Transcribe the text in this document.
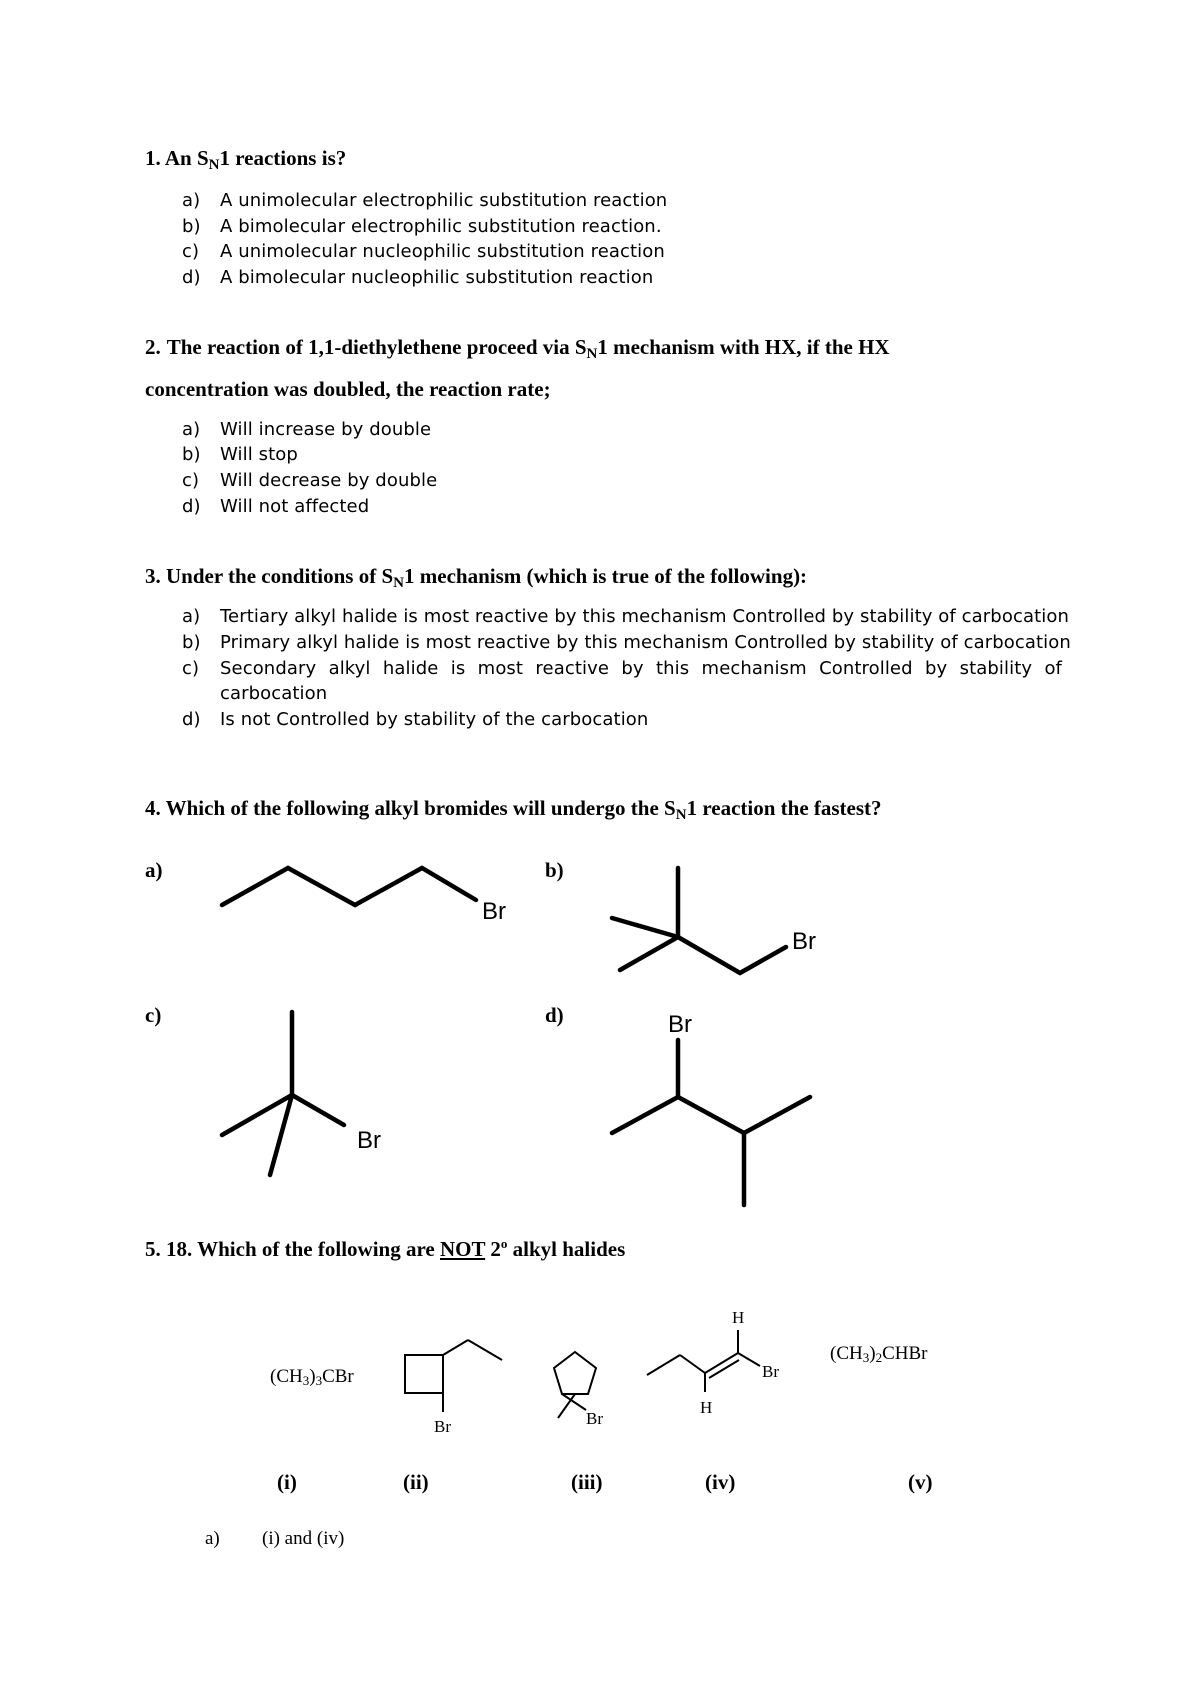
1. An $S_N1$ reactions is?
a)	A unimolecular electrophilic substitution reaction
b)	A bimolecular electrophilic substitution reaction.
c)	A unimolecular nucleophilic substitution reaction
d)	A bimolecular nucleophilic substitution reaction
2. The reaction of 1,1-diethylethene proceed via $S_N1$ mechanism with HX, if the HX
concentration was doubled, the reaction rate;
a)	Will increase by double
b)	Will stop
c)	Will decrease by double
d)	Will not affected
3. Under the conditions of $S_N1$ mechanism (which is true of the following):
a)	Tertiary alkyl halide is most reactive by this mechanism Controlled by stability of carbocation
b)	Primary alkyl halide is most reactive by this mechanism Controlled by stability of carbocation
c)	Secondary alkyl halide is most reactive by this mechanism Controlled by stability of
carbocation
d)	Is not Controlled by stability of the carbocation
4. Which of the following alkyl bromides will undergo the $S_N1$ reaction the fastest?
a)	b)
c)	d)
Br
Br
Br
Br
Br	Br
H
Br
H
5. 18. Which of the following are NOT 2$^o$ alkyl halides
$(CH_3)_3CBr$
$(CH_3)_2CHBr$
(i)	(ii)	(iii)	(iv)	(v)
a) (i) and (iv)
